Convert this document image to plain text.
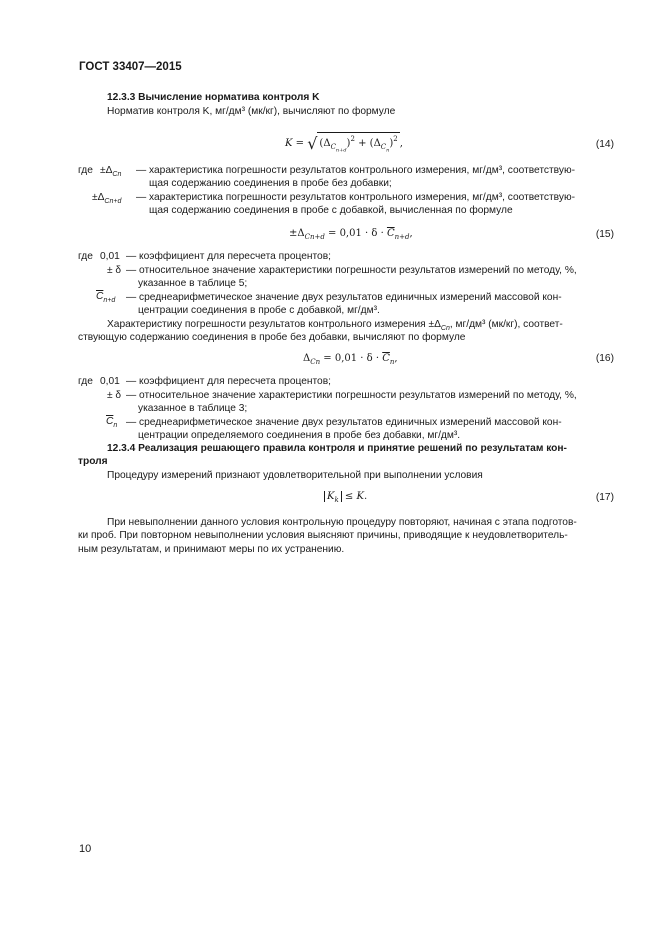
ГОСТ 33407—2015
12.3.3 Вычисление норматива контроля K
Норматив контроля K, мг/дм³ (мк/кг), вычисляют по формуле
K = √ $(\Delta_{C_{n+d}})^2 + (\Delta_{C_n})^2$ ,	(14)
где $\pm\Delta_{Cn}$ — характеристика погрешности результатов контрольного измерения, мг/дм³, соответствую-
щая содержанию соединения в пробе без добавки;
$\pm\Delta_{Cn+d}$ — характеристика погрешности результатов контрольного измерения, мг/дм³, соответствую-
щая содержанию соединения в пробе с добавкой, вычисленная по формуле
$\pm\Delta_{Cn+d} = 0,01 \cdot \delta \cdot \overline{C}_{n+d}$,	(15)
где 0,01 — коэффициент для пересчета процентов;
± δ — относительное значение характеристики погрешности результатов измерений по методу, %,
указанное в таблице 5;
$\overline{C}_{n+d}$ — среднеарифметическое значение двух результатов единичных измерений массовой кон-
центрации соединения в пробе с добавкой, мг/дм³.
Характеристику погрешности результатов контрольного измерения $\pm\Delta_{Cn}$, мг/дм³ (мк/кг), соответ-
ствующую содержанию соединения в пробе без добавки, вычисляют по формуле
$\Delta_{Cn} = 0,01 \cdot \delta \cdot \overline{C}_n$,	(16)
где 0,01 — коэффициент для пересчета процентов;
± δ — относительное значение характеристики погрешности результатов измерений по методу, %,
указанное в таблице 3;
$\overline{C}_n$ — среднеарифметическое значение двух результатов единичных измерений массовой кон-
центрации определяемого соединения в пробе без добавки, мг/дм³.
12.3.4 Реализация решающего правила контроля и принятие решений по результатам кон-
троля
Процедуру измерений признают удовлетворительной при выполнении условия
$K_k \le K$.	(17)
При невыполнении данного условия контрольную процедуру повторяют, начиная с этапа подготов-
ки проб. При повторном невыполнении условия выясняют причины, приводящие к неудовлетворитель-
ным результатам, и принимают меры по их устранению.
10
